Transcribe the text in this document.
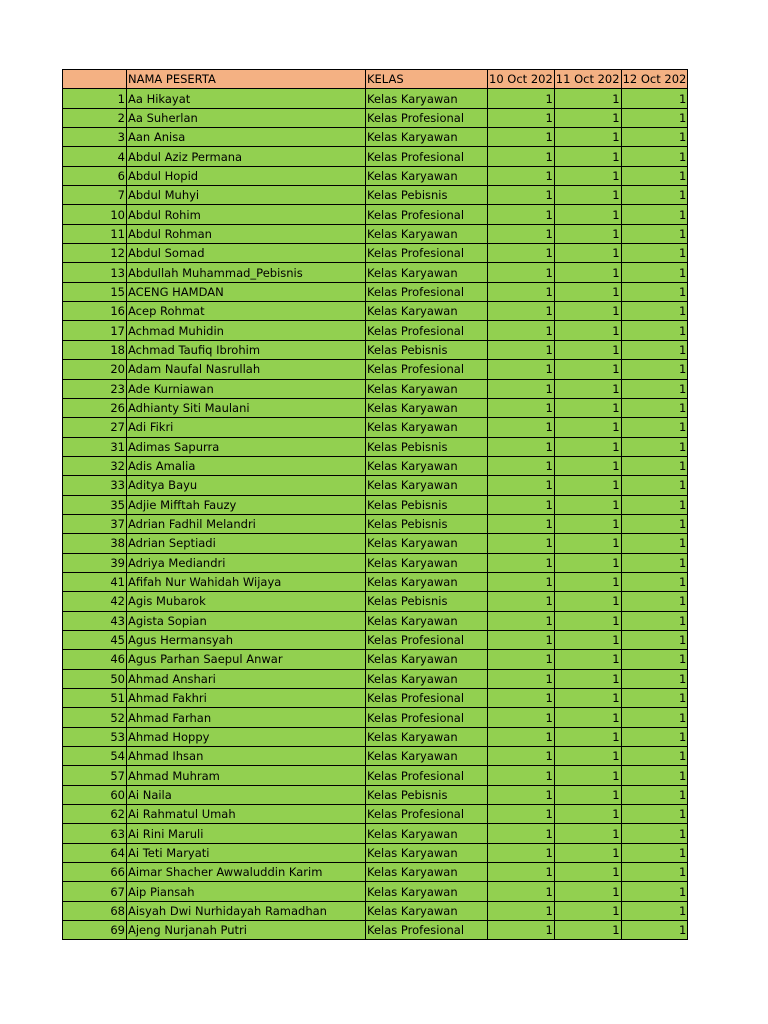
	NAMA PESERTA	KELAS	10 Oct 202	11 Oct 202	12 Oct 202
1	Aa Hikayat	Kelas Karyawan	1	1	1
2	Aa Suherlan	Kelas Profesional	1	1	1
3	Aan Anisa	Kelas Karyawan	1	1	1
4	Abdul Aziz Permana	Kelas Profesional	1	1	1
6	Abdul Hopid	Kelas Karyawan	1	1	1
7	Abdul Muhyi	Kelas Pebisnis	1	1	1
10	Abdul Rohim	Kelas Profesional	1	1	1
11	Abdul Rohman	Kelas Karyawan	1	1	1
12	Abdul Somad	Kelas Profesional	1	1	1
13	Abdullah Muhammad_Pebisnis	Kelas Karyawan	1	1	1
15	ACENG HAMDAN	Kelas Profesional	1	1	1
16	Acep Rohmat	Kelas Karyawan	1	1	1
17	Achmad Muhidin	Kelas Profesional	1	1	1
18	Achmad Taufiq Ibrohim	Kelas Pebisnis	1	1	1
20	Adam Naufal Nasrullah	Kelas Profesional	1	1	1
23	Ade Kurniawan	Kelas Karyawan	1	1	1
26	Adhianty Siti Maulani	Kelas Karyawan	1	1	1
27	Adi Fikri	Kelas Karyawan	1	1	1
31	Adimas Sapurra	Kelas Pebisnis	1	1	1
32	Adis Amalia	Kelas Karyawan	1	1	1
33	Aditya Bayu	Kelas Karyawan	1	1	1
35	Adjie Mifftah Fauzy	Kelas Pebisnis	1	1	1
37	Adrian Fadhil Melandri	Kelas Pebisnis	1	1	1
38	Adrian Septiadi	Kelas Karyawan	1	1	1
39	Adriya Mediandri	Kelas Karyawan	1	1	1
41	Afifah Nur Wahidah Wijaya	Kelas Karyawan	1	1	1
42	Agis Mubarok	Kelas Pebisnis	1	1	1
43	Agista Sopian	Kelas Karyawan	1	1	1
45	Agus Hermansyah	Kelas Profesional	1	1	1
46	Agus Parhan Saepul Anwar	Kelas Karyawan	1	1	1
50	Ahmad Anshari	Kelas Karyawan	1	1	1
51	Ahmad Fakhri	Kelas Profesional	1	1	1
52	Ahmad Farhan	Kelas Profesional	1	1	1
53	Ahmad Hoppy	Kelas Karyawan	1	1	1
54	Ahmad Ihsan	Kelas Karyawan	1	1	1
57	Ahmad Muhram	Kelas Profesional	1	1	1
60	Ai Naila	Kelas Pebisnis	1	1	1
62	Ai Rahmatul Umah	Kelas Profesional	1	1	1
63	Ai Rini Maruli	Kelas Karyawan	1	1	1
64	Ai Teti Maryati	Kelas Karyawan	1	1	1
66	Aimar Shacher Awwaluddin Karim	Kelas Karyawan	1	1	1
67	Aip Piansah	Kelas Karyawan	1	1	1
68	Aisyah Dwi Nurhidayah Ramadhan	Kelas Karyawan	1	1	1
69	Ajeng Nurjanah Putri	Kelas Profesional	1	1	1
